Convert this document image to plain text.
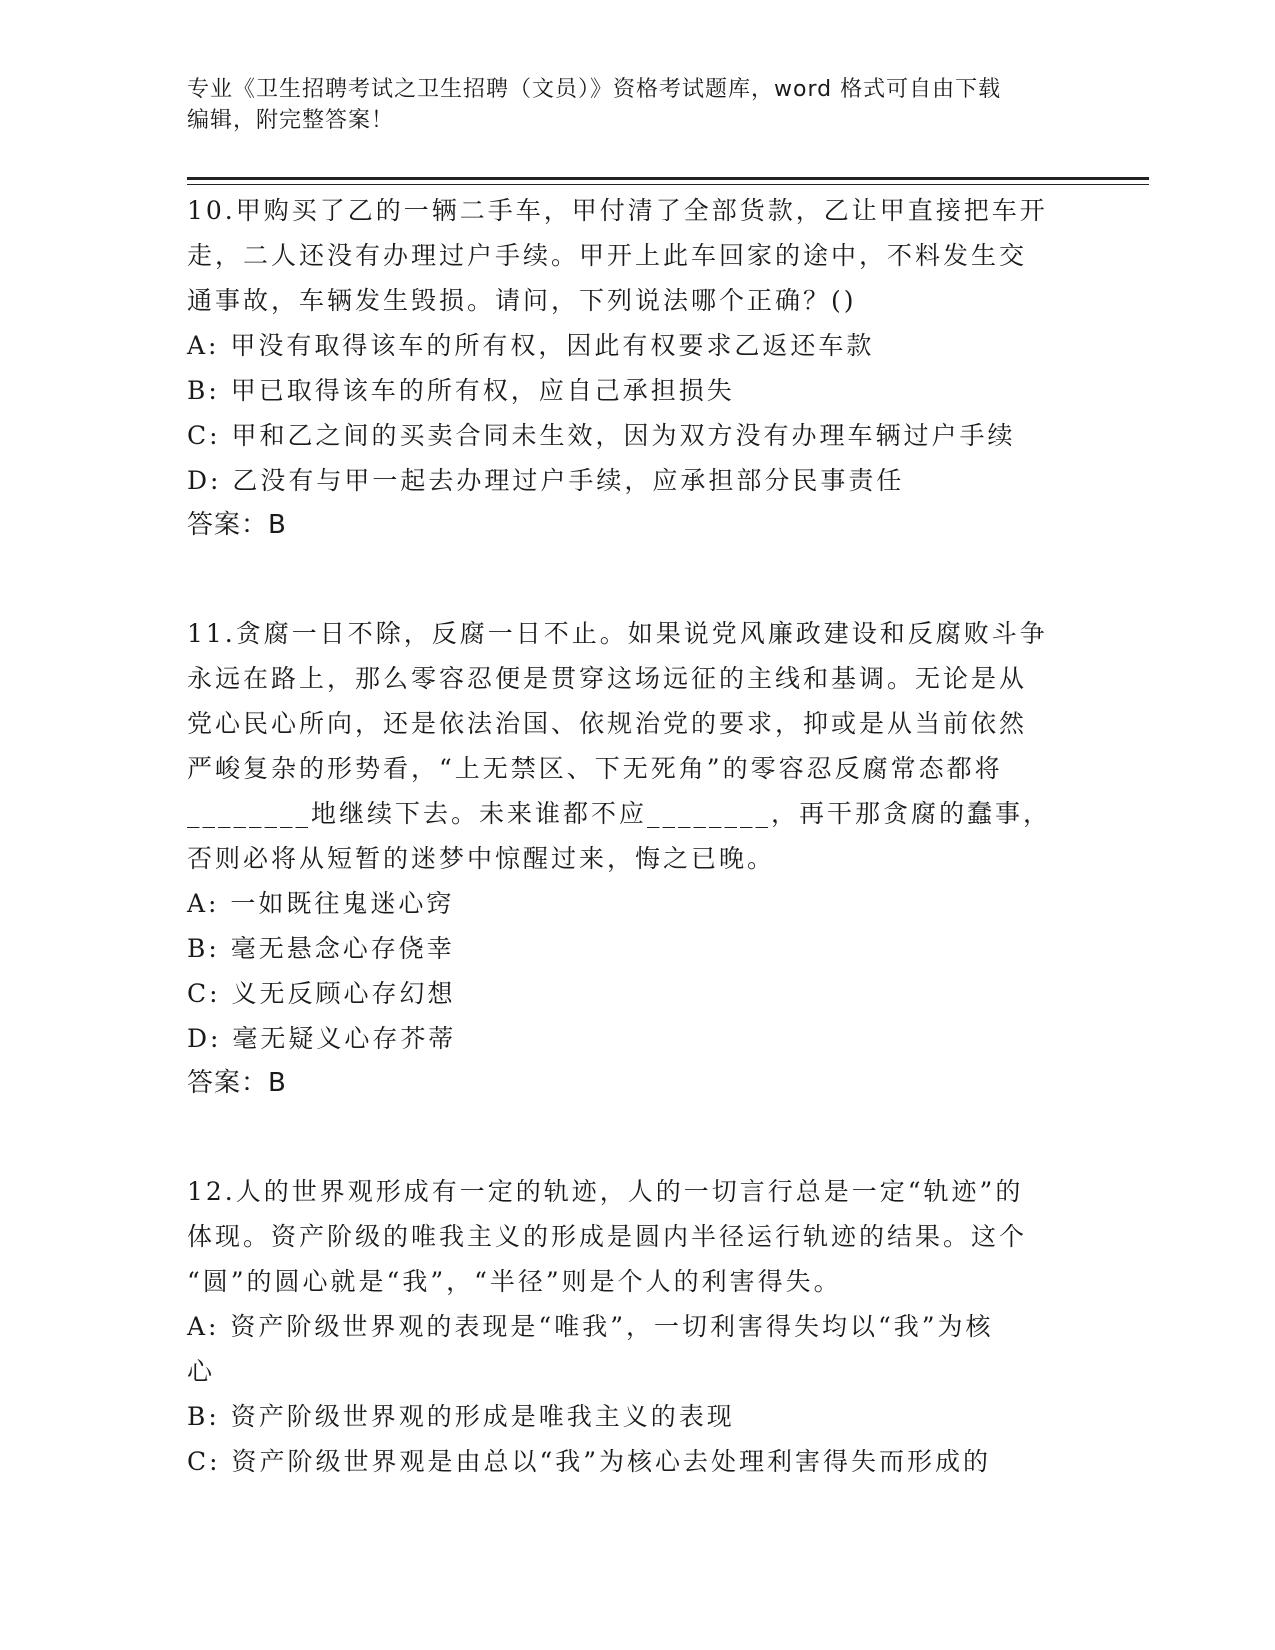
专业《卫生招聘考试之卫生招聘（文员）》资格考试题库，word 格式可自由下载
编辑，附完整答案！

10.甲购买了乙的一辆二手车，甲付清了全部货款，乙让甲直接把车开

走，二人还没有办理过户手续。甲开上此车回家的途中，不料发生交

通事故，车辆发生毁损。请问，下列说法哪个正确？()

A: 甲没有取得该车的所有权，因此有权要求乙返还车款

B: 甲已取得该车的所有权，应自己承担损失

C: 甲和乙之间的买卖合同未生效，因为双方没有办理车辆过户手续

D: 乙没有与甲一起去办理过户手续，应承担部分民事责任

答案：B

11.贪腐一日不除，反腐一日不止。如果说党风廉政建设和反腐败斗争

永远在路上，那么零容忍便是贯穿这场远征的主线和基调。无论是从

党心民心所向，还是依法治国、依规治党的要求，抑或是从当前依然

严峻复杂的形势看，“上无禁区、下无死角”的零容忍反腐常态都将

________地继续下去。未来谁都不应________，再干那贪腐的蠢事，

否则必将从短暂的迷梦中惊醒过来，悔之已晚。

A: 一如既往鬼迷心窍

B: 毫无悬念心存侥幸

C: 义无反顾心存幻想

D: 毫无疑义心存芥蒂

答案：B

12.人的世界观形成有一定的轨迹，人的一切言行总是一定“轨迹”的

体现。资产阶级的唯我主义的形成是圆内半径运行轨迹的结果。这个

“圆”的圆心就是“我”，“半径”则是个人的利害得失。

A: 资产阶级世界观的表现是“唯我”，一切利害得失均以“我”为核

心

B: 资产阶级世界观的形成是唯我主义的表现

C: 资产阶级世界观是由总以“我”为核心去处理利害得失而形成的
